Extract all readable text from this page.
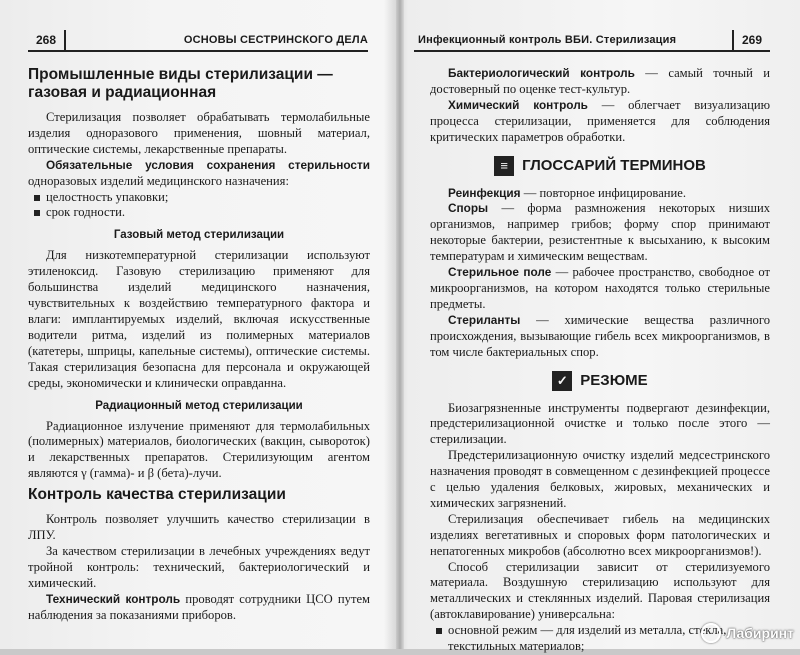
268	ОСНОВЫ СЕСТРИНСКОГО ДЕЛА
Промышленные виды стерилизации — газовая и радиационная

Стерилизация позволяет обрабатывать термолабильные изделия одноразового применения, шовный материал, оптические системы, лекарственные препараты.

Обязательные условия сохранения стерильности одноразовых изделий медицинского назначения:

целостность упаковки;
срок годности.
Газовый метод стерилизации

Для низкотемпературной стерилизации используют этиленоксид. Газовую стерилизацию применяют для большинства изделий медицинского назначения, чувствительных к воздействию температурного фактора и влаги: имплантируемых изделий, включая искусственные водители ритма, изделий из полимерных материалов (катетеры, шприцы, капельные системы), оптические системы. Такая стерилизация безопасна для персонала и окружающей среды, экономически и клинически оправданна.

Радиационный метод стерилизации

Радиационное излучение применяют для термолабильных (полимерных) материалов, биологических (вакцин, сывороток) и лекарственных препаратов. Стерилизующим агентом являются γ (гамма)- и β (бета)-лучи.

Контроль качества стерилизации

Контроль позволяет улучшить качество стерилизации в ЛПУ.

За качеством стерилизации в лечебных учреждениях ведут тройной контроль: технический, бактериологический и химический.

Технический контроль проводят сотрудники ЦСО путем наблюдения за показаниями приборов.

Инфекционный контроль ВБИ. Стерилизация	269

Бактериологический контроль — самый точный и достоверный по оценке тест-культур.

Химический контроль — облегчает визуализацию процесса стерилизации, применяется для соблюдения критических параметров обработки.

≡ ГЛОССАРИЙ ТЕРМИНОВ

Реинфекция — повторное инфицирование.

Споры — форма размножения некоторых низших организмов, например грибов; форму спор принимают некоторые бактерии, резистентные к высыханию, к высоким температурам и химическим веществам.

Стерильное поле — рабочее пространство, свободное от микроорганизмов, на котором находятся только стерильные предметы.

Стериланты — химические вещества различного происхождения, вызывающие гибель всех микроорганизмов, в том числе бактериальных спор.

✓ РЕЗЮМЕ

Биозагрязненные инструменты подвергают дезинфекции, предстерилизационной очистке и только после этого — стерилизации.

Предстерилизационную очистку изделий медсестринского назначения проводят в совмещенном с дезинфекцией процессе с целью удаления белковых, жировых, механических и химических загрязнений.

Стерилизация обеспечивает гибель на медицинских изделиях вегетативных и споровых форм патологических и непатогенных микробов (абсолютно всех микроорганизмов!).

Способ стерилизации зависит от стерилизуемого материала. Воздушную стерилизацию используют для металлических и стеклянных изделий. Паровая стерилизация (автоклавирование) универсальна:

основной режим — для изделий из металла, стекла, текстильных материалов;
Лабиринт
